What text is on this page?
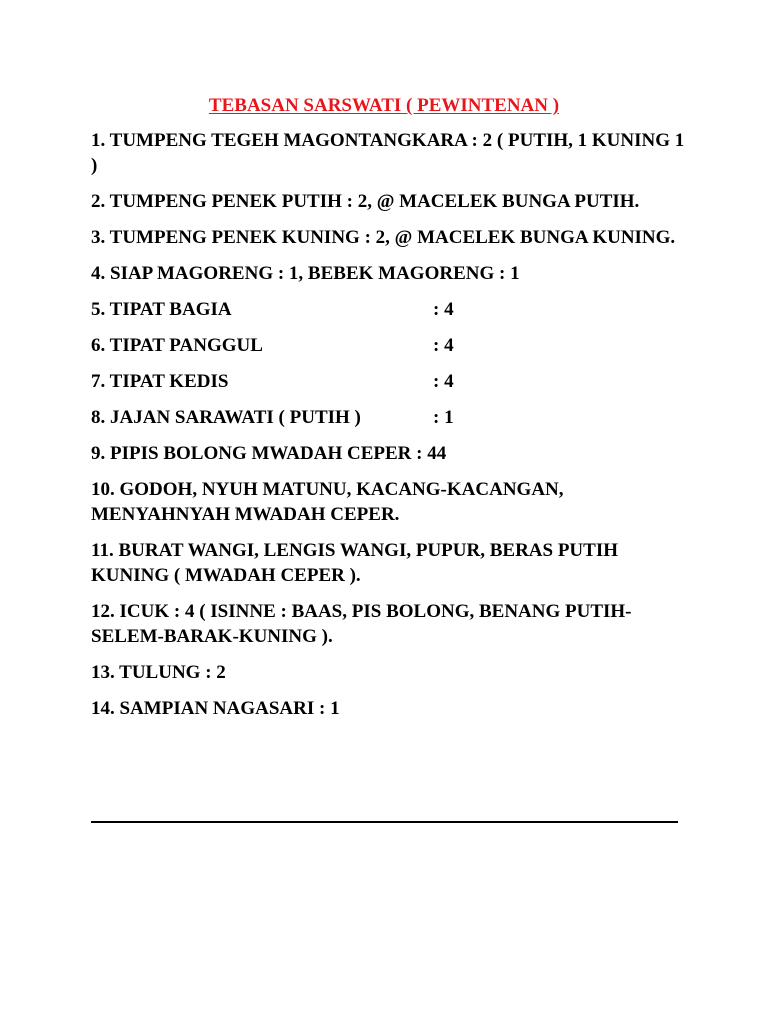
TEBASAN SARSWATI ( PEWINTENAN )
1. TUMPENG TEGEH MAGONTANGKARA : 2 ( PUTIH, 1 KUNING 1 )
2. TUMPENG PENEK PUTIH : 2, @ MACELEK BUNGA PUTIH.
3. TUMPENG PENEK KUNING : 2, @ MACELEK BUNGA KUNING.
4. SIAP MAGORENG : 1, BEBEK MAGORENG : 1
5. TIPAT BAGIA	: 4
6. TIPAT PANGGUL	: 4
7. TIPAT KEDIS	: 4
8. JAJAN SARAWATI ( PUTIH )	: 1
9. PIPIS BOLONG MWADAH CEPER : 44
10. GODOH, NYUH MATUNU, KACANG-KACANGAN, MENYAHNYAH MWADAH CEPER.
11. BURAT WANGI, LENGIS WANGI, PUPUR, BERAS PUTIH KUNING ( MWADAH CEPER ).
12. ICUK : 4 ( ISINNE : BAAS, PIS BOLONG, BENANG PUTIH-SELEM-BARAK-KUNING ).
13. TULUNG : 2
14. SAMPIAN NAGASARI : 1
